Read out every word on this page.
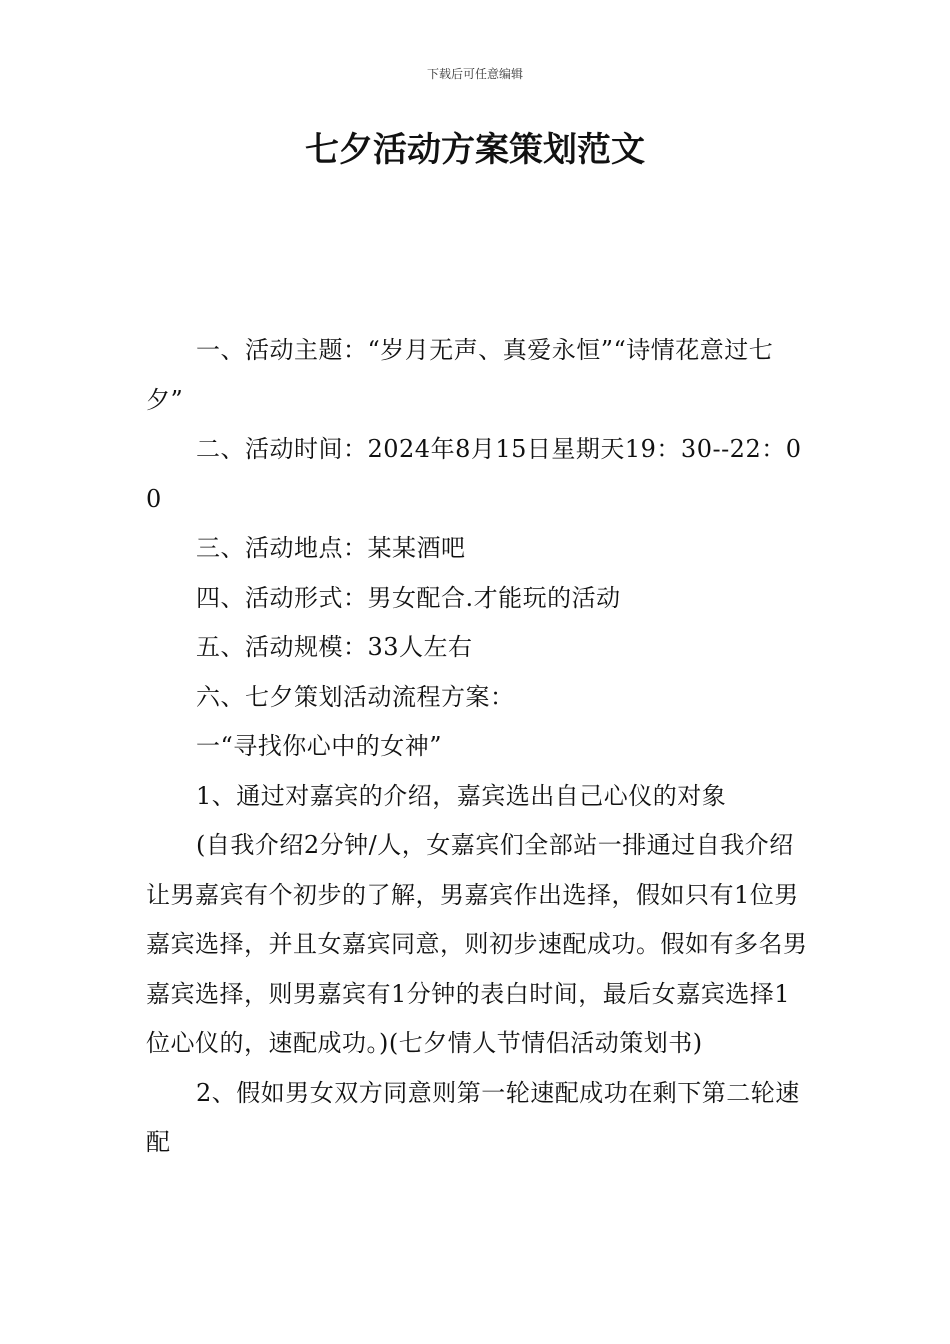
下载后可任意编辑
七夕活动方案策划范文

一、活动主题：“岁月无声、真爱永恒”“诗情花意过七夕”

二、活动时间：2024年8月15日星期天19：30--22：00

三、活动地点：某某酒吧

四、活动形式：男女配合.才能玩的活动

五、活动规模：33人左右

六、七夕策划活动流程方案：

一“寻找你心中的女神”

1、通过对嘉宾的介绍，嘉宾选出自己心仪的对象

(自我介绍2分钟/人，女嘉宾们全部站一排通过自我介绍让男嘉宾有个初步的了解，男嘉宾作出选择，假如只有1位男嘉宾选择，并且女嘉宾同意，则初步速配成功。假如有多名男嘉宾选择，则男嘉宾有1分钟的表白时间，最后女嘉宾选择1位心仪的，速配成功。)(七夕情人节情侣活动策划书)

2、假如男女双方同意则第一轮速配成功在剩下第二轮速配
